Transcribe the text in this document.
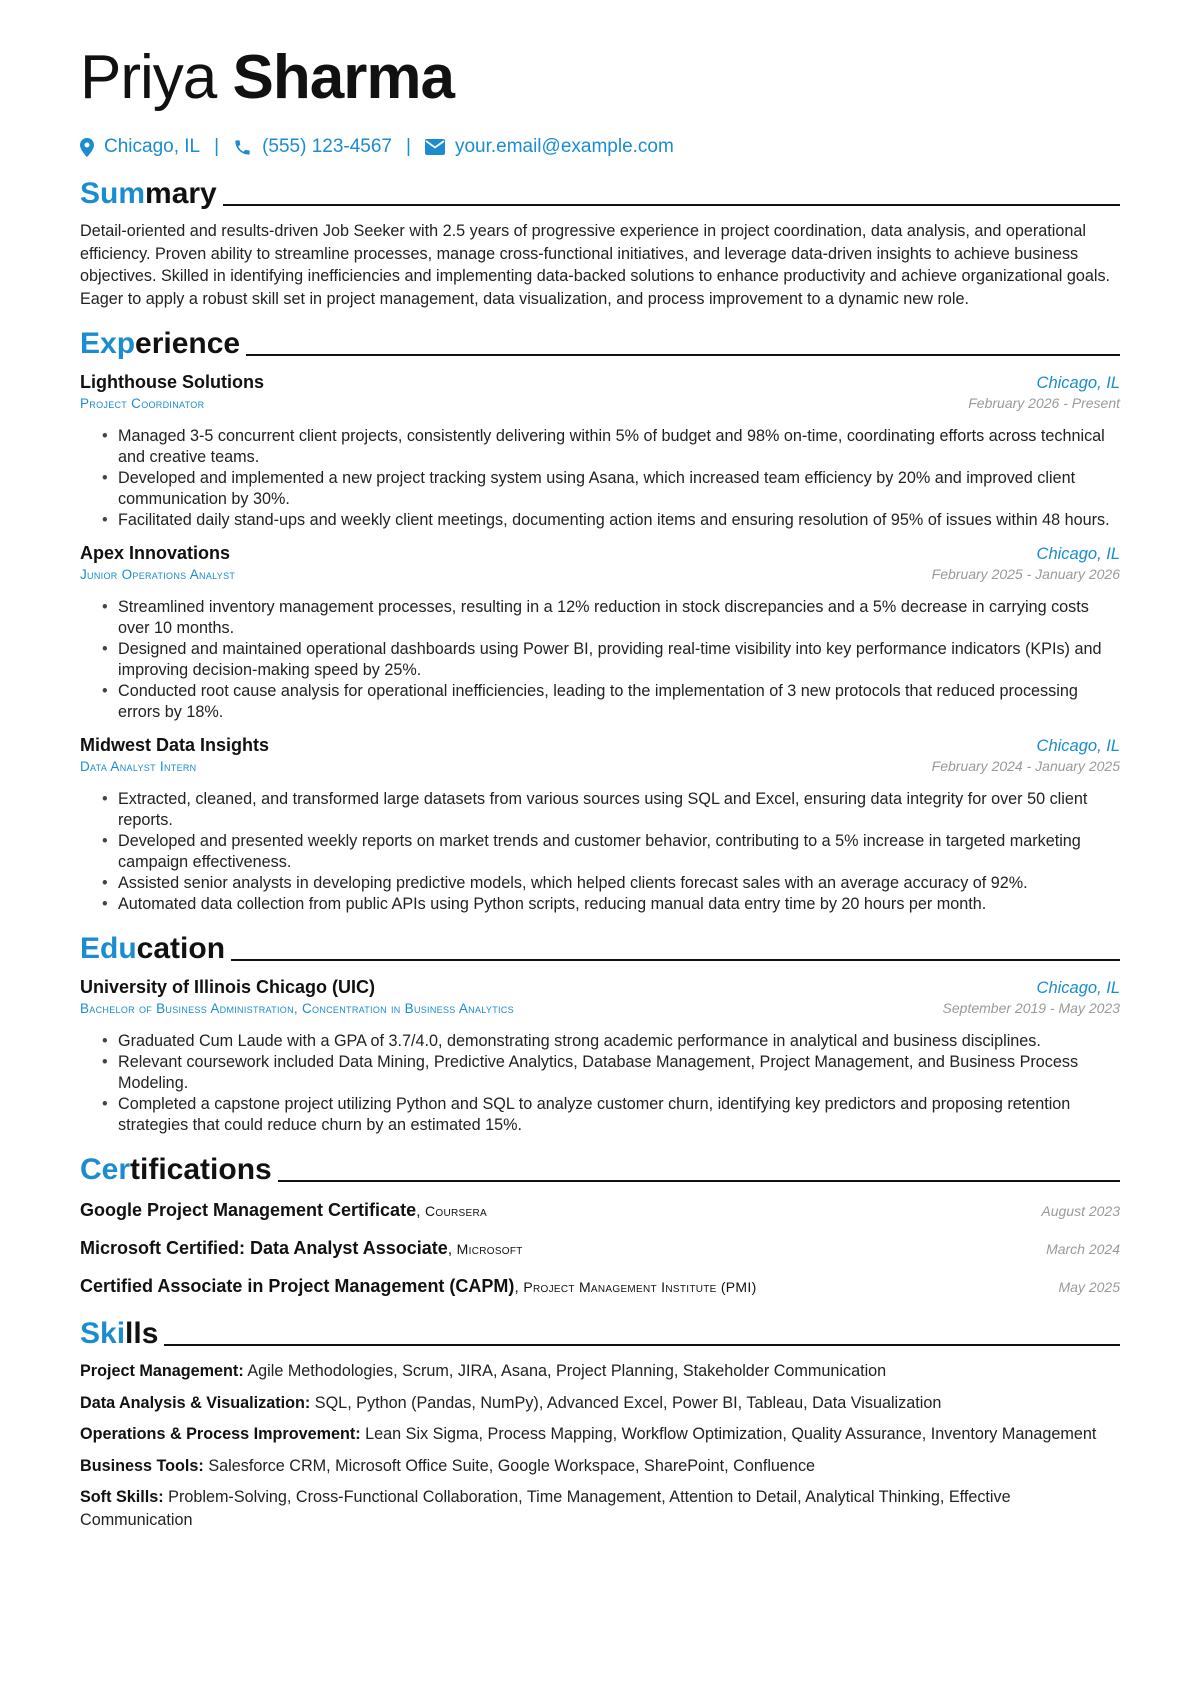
Priya Sharma
Chicago, IL | (555) 123-4567 | your.email@example.com
Summary

Detail-oriented and results-driven Job Seeker with 2.5 years of progressive experience in project coordination, data analysis, and operational efficiency. Proven ability to streamline processes, manage cross-functional initiatives, and leverage data-driven insights to achieve business objectives. Skilled in identifying inefficiencies and implementing data-backed solutions to enhance productivity and achieve organizational goals. Eager to apply a robust skill set in project management, data visualization, and process improvement to a dynamic new role.

Experience
Lighthouse Solutions	Chicago, IL
Project Coordinator	February 2026 - Present
• Managed 3-5 concurrent client projects, consistently delivering within 5% of budget and 98% on-time, coordinating efforts across technical and creative teams.
• Developed and implemented a new project tracking system using Asana, which increased team efficiency by 20% and improved client communication by 30%.
• Facilitated daily stand-ups and weekly client meetings, documenting action items and ensuring resolution of 95% of issues within 48 hours.
Apex Innovations	Chicago, IL
Junior Operations Analyst	February 2025 - January 2026
• Streamlined inventory management processes, resulting in a 12% reduction in stock discrepancies and a 5% decrease in carrying costs over 10 months.
• Designed and maintained operational dashboards using Power BI, providing real-time visibility into key performance indicators (KPIs) and improving decision-making speed by 25%.
• Conducted root cause analysis for operational inefficiencies, leading to the implementation of 3 new protocols that reduced processing errors by 18%.
Midwest Data Insights	Chicago, IL
Data Analyst Intern	February 2024 - January 2025
• Extracted, cleaned, and transformed large datasets from various sources using SQL and Excel, ensuring data integrity for over 50 client reports.
• Developed and presented weekly reports on market trends and customer behavior, contributing to a 5% increase in targeted marketing campaign effectiveness.
• Assisted senior analysts in developing predictive models, which helped clients forecast sales with an average accuracy of 92%.
• Automated data collection from public APIs using Python scripts, reducing manual data entry time by 20 hours per month.
Education
University of Illinois Chicago (UIC)	Chicago, IL
Bachelor of Business Administration, Concentration in Business Analytics	September 2019 - May 2023
• Graduated Cum Laude with a GPA of 3.7/4.0, demonstrating strong academic performance in analytical and business disciplines.
• Relevant coursework included Data Mining, Predictive Analytics, Database Management, Project Management, and Business Process Modeling.
• Completed a capstone project utilizing Python and SQL to analyze customer churn, identifying key predictors and proposing retention strategies that could reduce churn by an estimated 15%.
Certifications
Google Project Management Certificate, Coursera	August 2023
Microsoft Certified: Data Analyst Associate, Microsoft	March 2024
Certified Associate in Project Management (CAPM), Project Management Institute (PMI)	May 2025
Skills

Project Management: Agile Methodologies, Scrum, JIRA, Asana, Project Planning, Stakeholder Communication

Data Analysis & Visualization: SQL, Python (Pandas, NumPy), Advanced Excel, Power BI, Tableau, Data Visualization

Operations & Process Improvement: Lean Six Sigma, Process Mapping, Workflow Optimization, Quality Assurance, Inventory Management

Business Tools: Salesforce CRM, Microsoft Office Suite, Google Workspace, SharePoint, Confluence

Soft Skills: Problem-Solving, Cross-Functional Collaboration, Time Management, Attention to Detail, Analytical Thinking, Effective Communication
